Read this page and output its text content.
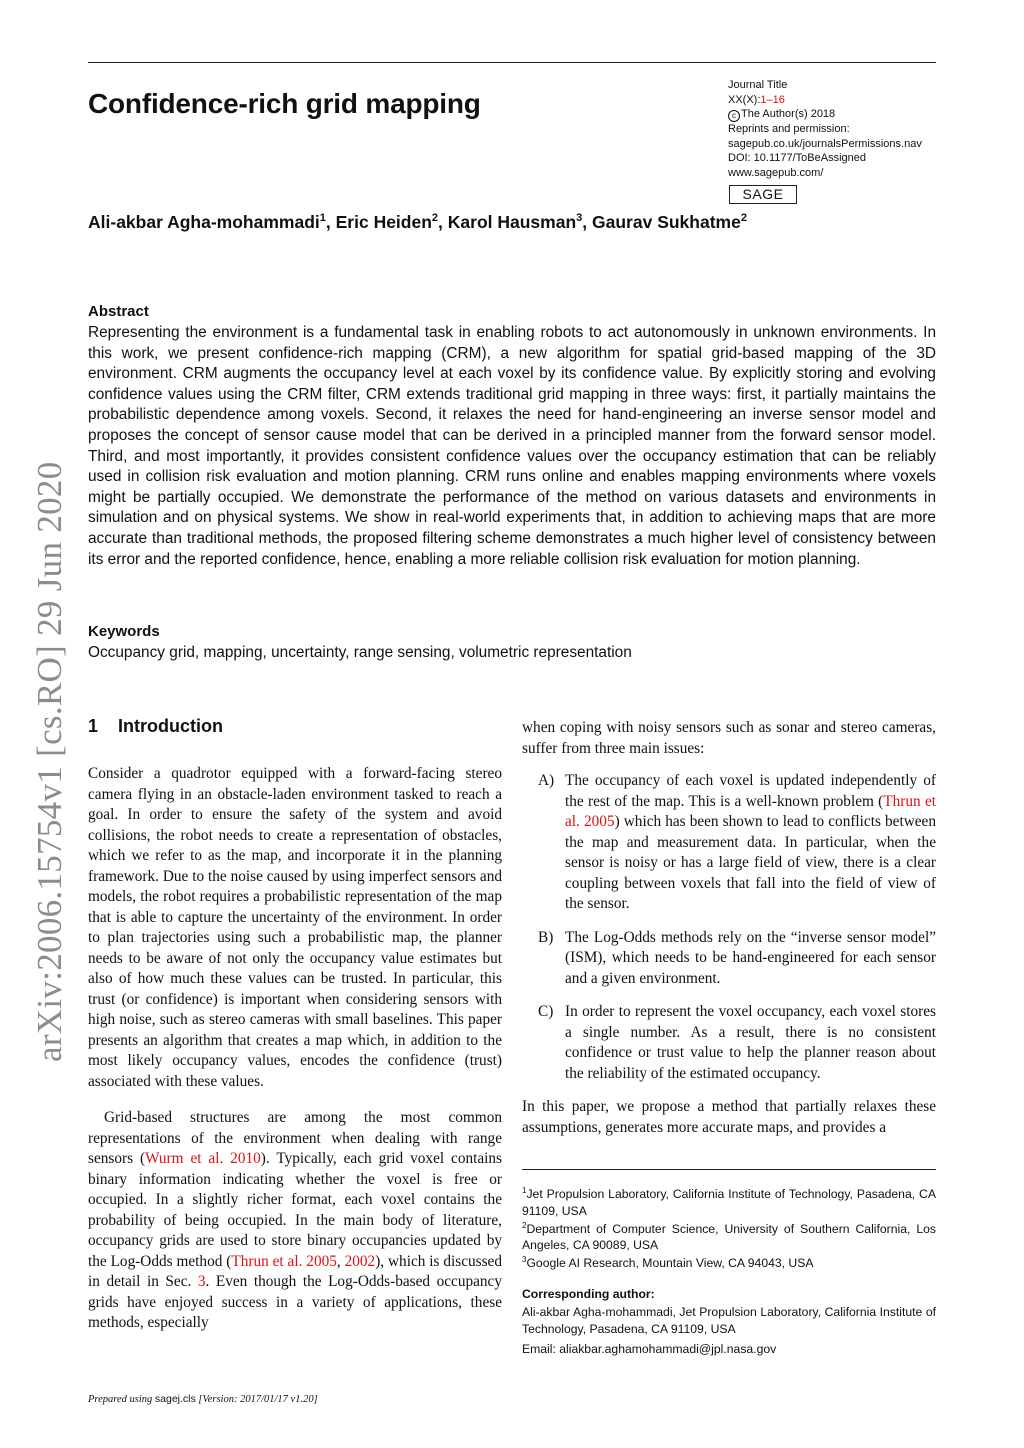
Confidence-rich grid mapping
Journal Title
XX(X):1–16
c The Author(s) 2018
Reprints and permission:
sagepub.co.uk/journalsPermissions.nav
DOI: 10.1177/ToBeAssigned
www.sagepub.com/
SAGE
Ali-akbar Agha-mohammadi$^1$, Eric Heiden$^2$, Karol Hausman$^3$, Gaurav Sukhatme$^2$
Abstract
Representing the environment is a fundamental task in enabling robots to act autonomously in unknown environments. In this work, we present confidence-rich mapping (CRM), a new algorithm for spatial grid-based mapping of the 3D environment. CRM augments the occupancy level at each voxel by its confidence value. By explicitly storing and evolving confidence values using the CRM filter, CRM extends traditional grid mapping in three ways: first, it partially maintains the probabilistic dependence among voxels. Second, it relaxes the need for hand-engineering an inverse sensor model and proposes the concept of sensor cause model that can be derived in a principled manner from the forward sensor model. Third, and most importantly, it provides consistent confidence values over the occupancy estimation that can be reliably used in collision risk evaluation and motion planning. CRM runs online and enables mapping environments where voxels might be partially occupied. We demonstrate the performance of the method on various datasets and environments in simulation and on physical systems. We show in real-world experiments that, in addition to achieving maps that are more accurate than traditional methods, the proposed filtering scheme demonstrates a much higher level of consistency between its error and the reported confidence, hence, enabling a more reliable collision risk evaluation for motion planning.
Keywords
Occupancy grid, mapping, uncertainty, range sensing, volumetric representation
arXiv:2006.15754v1 [cs.RO] 29 Jun 2020 1 Introduction

Consider a quadrotor equipped with a forward-facing stereo camera flying in an obstacle-laden environment tasked to reach a goal. In order to ensure the safety of the system and avoid collisions, the robot needs to create a representation of obstacles, which we refer to as the map, and incorporate it in the planning framework. Due to the noise caused by using imperfect sensors and models, the robot requires a probabilistic representation of the map that is able to capture the uncertainty of the environment. In order to plan trajectories using such a probabilistic map, the planner needs to be aware of not only the occupancy value estimates but also of how much these values can be trusted. In particular, this trust (or confidence) is important when considering sensors with high noise, such as stereo cameras with small baselines. This paper presents an algorithm that creates a map which, in addition to the most likely occupancy values, encodes the confidence (trust) associated with these values.

Grid-based structures are among the most common representations of the environment when dealing with range sensors (Wurm et al. 2010). Typically, each grid voxel contains binary information indicating whether the voxel is free or occupied. In a slightly richer format, each voxel contains the probability of being occupied. In the main body of literature, occupancy grids are used to store binary occupancies updated by the Log-Odds method (Thrun et al. 2005, 2002), which is discussed in detail in Sec. 3. Even though the Log-Odds-based occupancy grids have enjoyed success in a variety of applications, these methods, especially

when coping with noisy sensors such as sonar and stereo cameras, suffer from three main issues:

A) The occupancy of each voxel is updated independently of the rest of the map. This is a well-known problem (Thrun et al. 2005) which has been shown to lead to conflicts between the map and measurement data. In particular, when the sensor is noisy or has a large field of view, there is a clear coupling between voxels that fall into the field of view of the sensor.
B) The Log-Odds methods rely on the “inverse sensor model” (ISM), which needs to be hand-engineered for each sensor and a given environment.
C) In order to represent the voxel occupancy, each voxel stores a single number. As a result, there is no consistent confidence or trust value to help the planner reason about the reliability of the estimated occupancy.

In this paper, we propose a method that partially relaxes these assumptions, generates more accurate maps, and provides a

$^1$Jet Propulsion Laboratory, California Institute of Technology, Pasadena, CA 91109, USA

$^2$Department of Computer Science, University of Southern California, Los Angeles, CA 90089, USA

$^3$Google AI Research, Mountain View, CA 94043, USA

Corresponding author:

Ali-akbar Agha-mohammadi, Jet Propulsion Laboratory, California Institute of Technology, Pasadena, CA 91109, USA

Email: aliakbar.aghamohammadi@jpl.nasa.gov

Prepared using sagej.cls [Version: 2017/01/17 v1.20]
